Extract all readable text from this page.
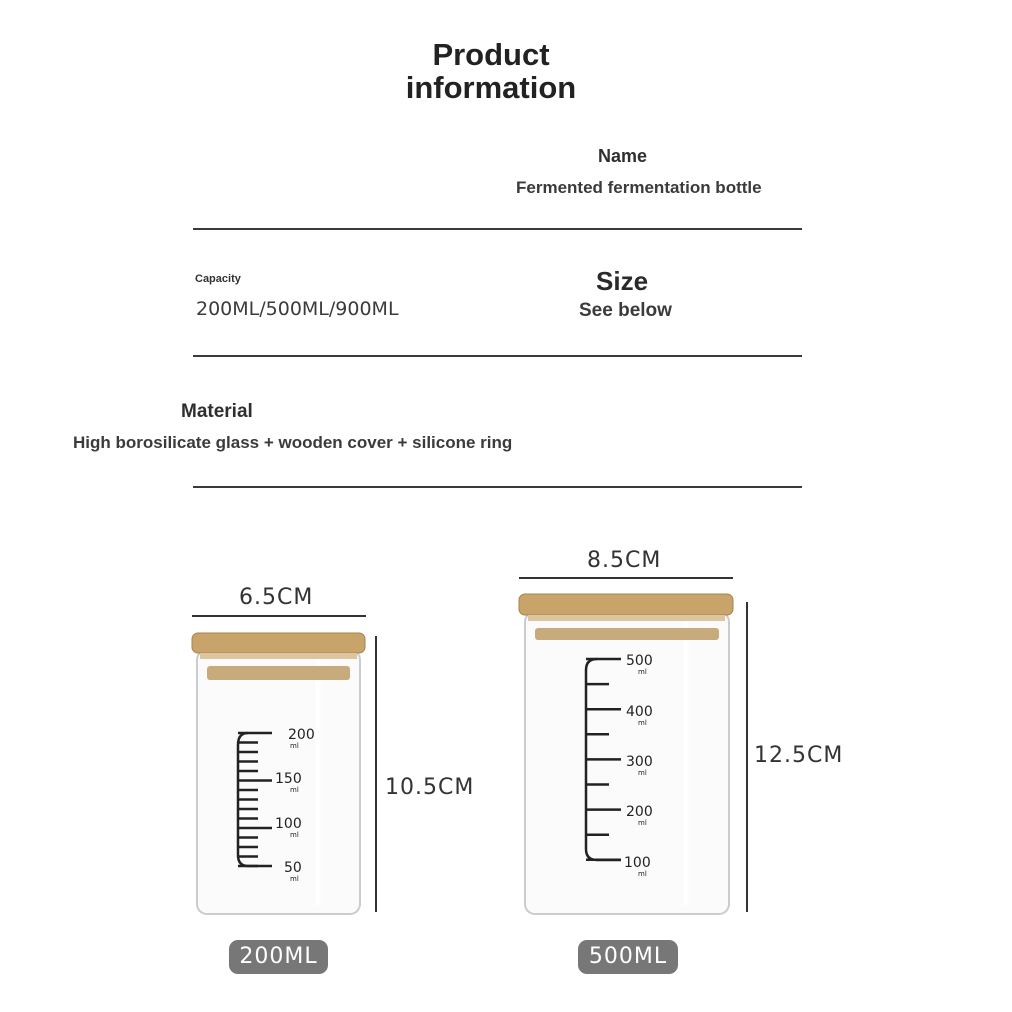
Product
information
Name
Fermented fermentation bottle
Capacity
200ML/500ML/900ML
Size
See below
Material
High borosilicate glass + wooden cover + silicone ring
200
ml
150
ml
100
ml
50
ml
500
ml
400
ml
300
ml
200
ml
100
ml
6.5CM
10.5CM
8.5CM
12.5CM
200ML	500ML
